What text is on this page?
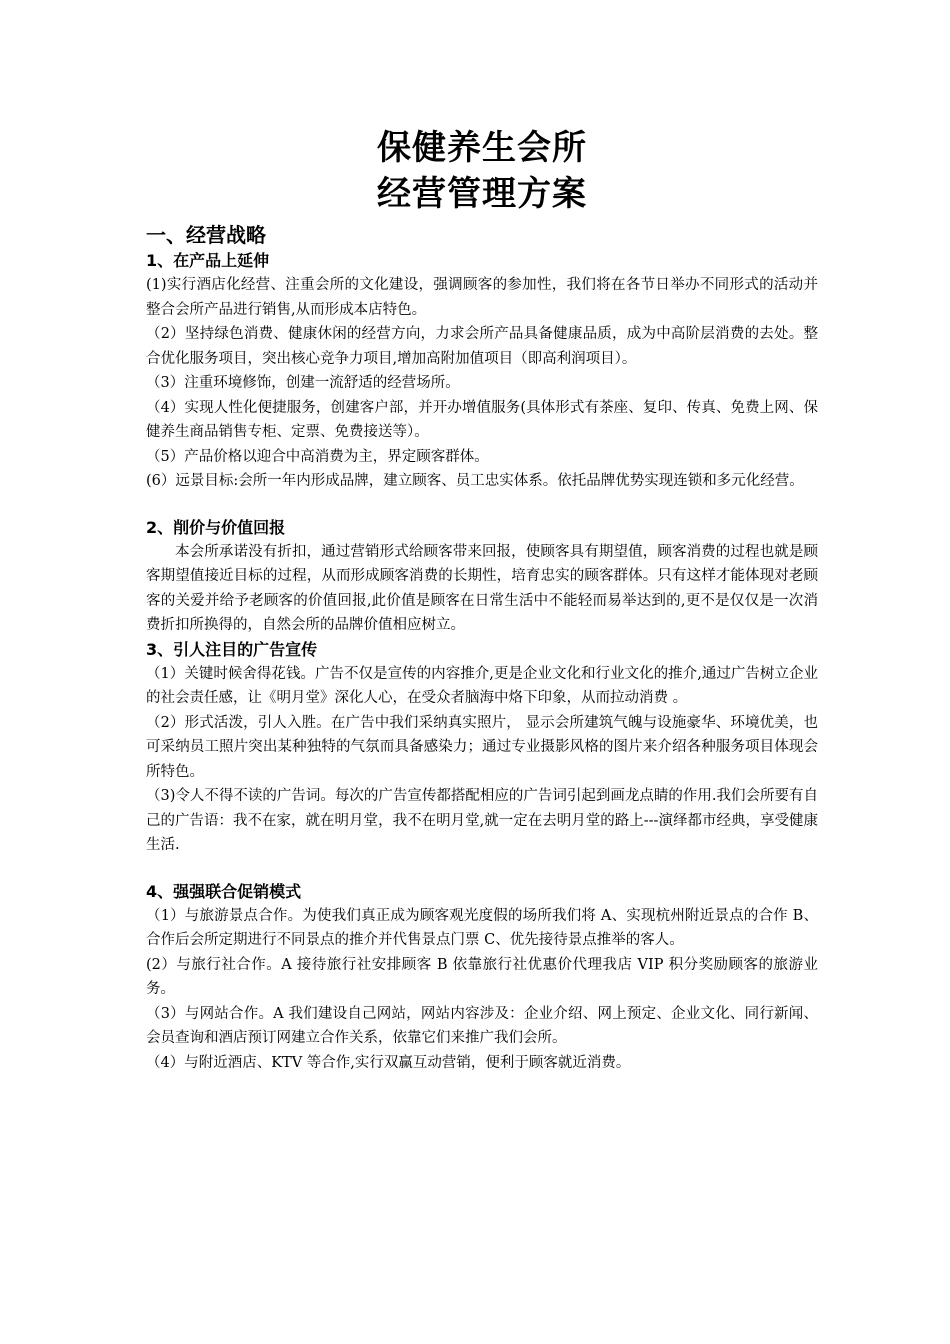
保健养生会所
经营管理方案
一、经营战略
1、在产品上延伸

(1)实行酒店化经营、注重会所的文化建设，强调顾客的参加性，我们将在各节日举办不同形式的活动并整合会所产品进行销售,从而形成本店特色。

（2）坚持绿色消费、健康休闲的经营方向，力求会所产品具备健康品质，成为中高阶层消费的去处。整合优化服务项目，突出核心竞争力项目,增加高附加值项目（即高利润项目）。

（3）注重环境修饰，创建一流舒适的经营场所。

（4）实现人性化便捷服务，创建客户部，并开办增值服务(具体形式有茶座、复印、传真、免费上网、保健养生商品销售专柜、定票、免费接送等）。

（5）产品价格以迎合中高消费为主，界定顾客群体。

(6）远景目标:会所一年内形成品牌，建立顾客、员工忠实体系。依托品牌优势实现连锁和多元化经营。

2、削价与价值回报

本会所承诺没有折扣，通过营销形式给顾客带来回报，使顾客具有期望值，顾客消费的过程也就是顾客期望值接近目标的过程，从而形成顾客消费的长期性，培育忠实的顾客群体。只有这样才能体现对老顾客的关爱并给予老顾客的价值回报,此价值是顾客在日常生活中不能轻而易举达到的,更不是仅仅是一次消费折扣所换得的，自然会所的品牌价值相应树立。

3、引人注目的广告宣传

（1）关键时候舍得花钱。广告不仅是宣传的内容推介,更是企业文化和行业文化的推介,通过广告树立企业的社会责任感，让《明月堂》深化人心，在受众者脑海中烙下印象，从而拉动消费 。

（2）形式活泼，引人入胜。在广告中我们采纳真实照片， 显示会所建筑气魄与设施豪华、环境优美，也可采纳员工照片突出某种独特的气氛而具备感染力；通过专业摄影风格的图片来介绍各种服务项目体现会所特色。

（3)令人不得不读的广告词。每次的广告宣传都搭配相应的广告词引起到画龙点睛的作用.我们会所要有自己的广告语：我不在家，就在明月堂，我不在明月堂,就一定在去明月堂的路上---演绎都市经典，享受健康生活.

4、强强联合促销模式

（1）与旅游景点合作。为使我们真正成为顾客观光度假的场所我们将 A、实现杭州附近景点的合作 B、合作后会所定期进行不同景点的推介并代售景点门票 C、优先接待景点推举的客人。

(2）与旅行社合作。A 接待旅行社安排顾客 B 依靠旅行社优惠价代理我店 VIP 积分奖励顾客的旅游业务。

（3）与网站合作。A 我们建设自己网站，网站内容涉及：企业介绍、网上预定、企业文化、同行新闻、会员查询和酒店预订网建立合作关系，依靠它们来推广我们会所。

（4）与附近酒店、KTV 等合作,实行双赢互动营销，便利于顾客就近消费。
